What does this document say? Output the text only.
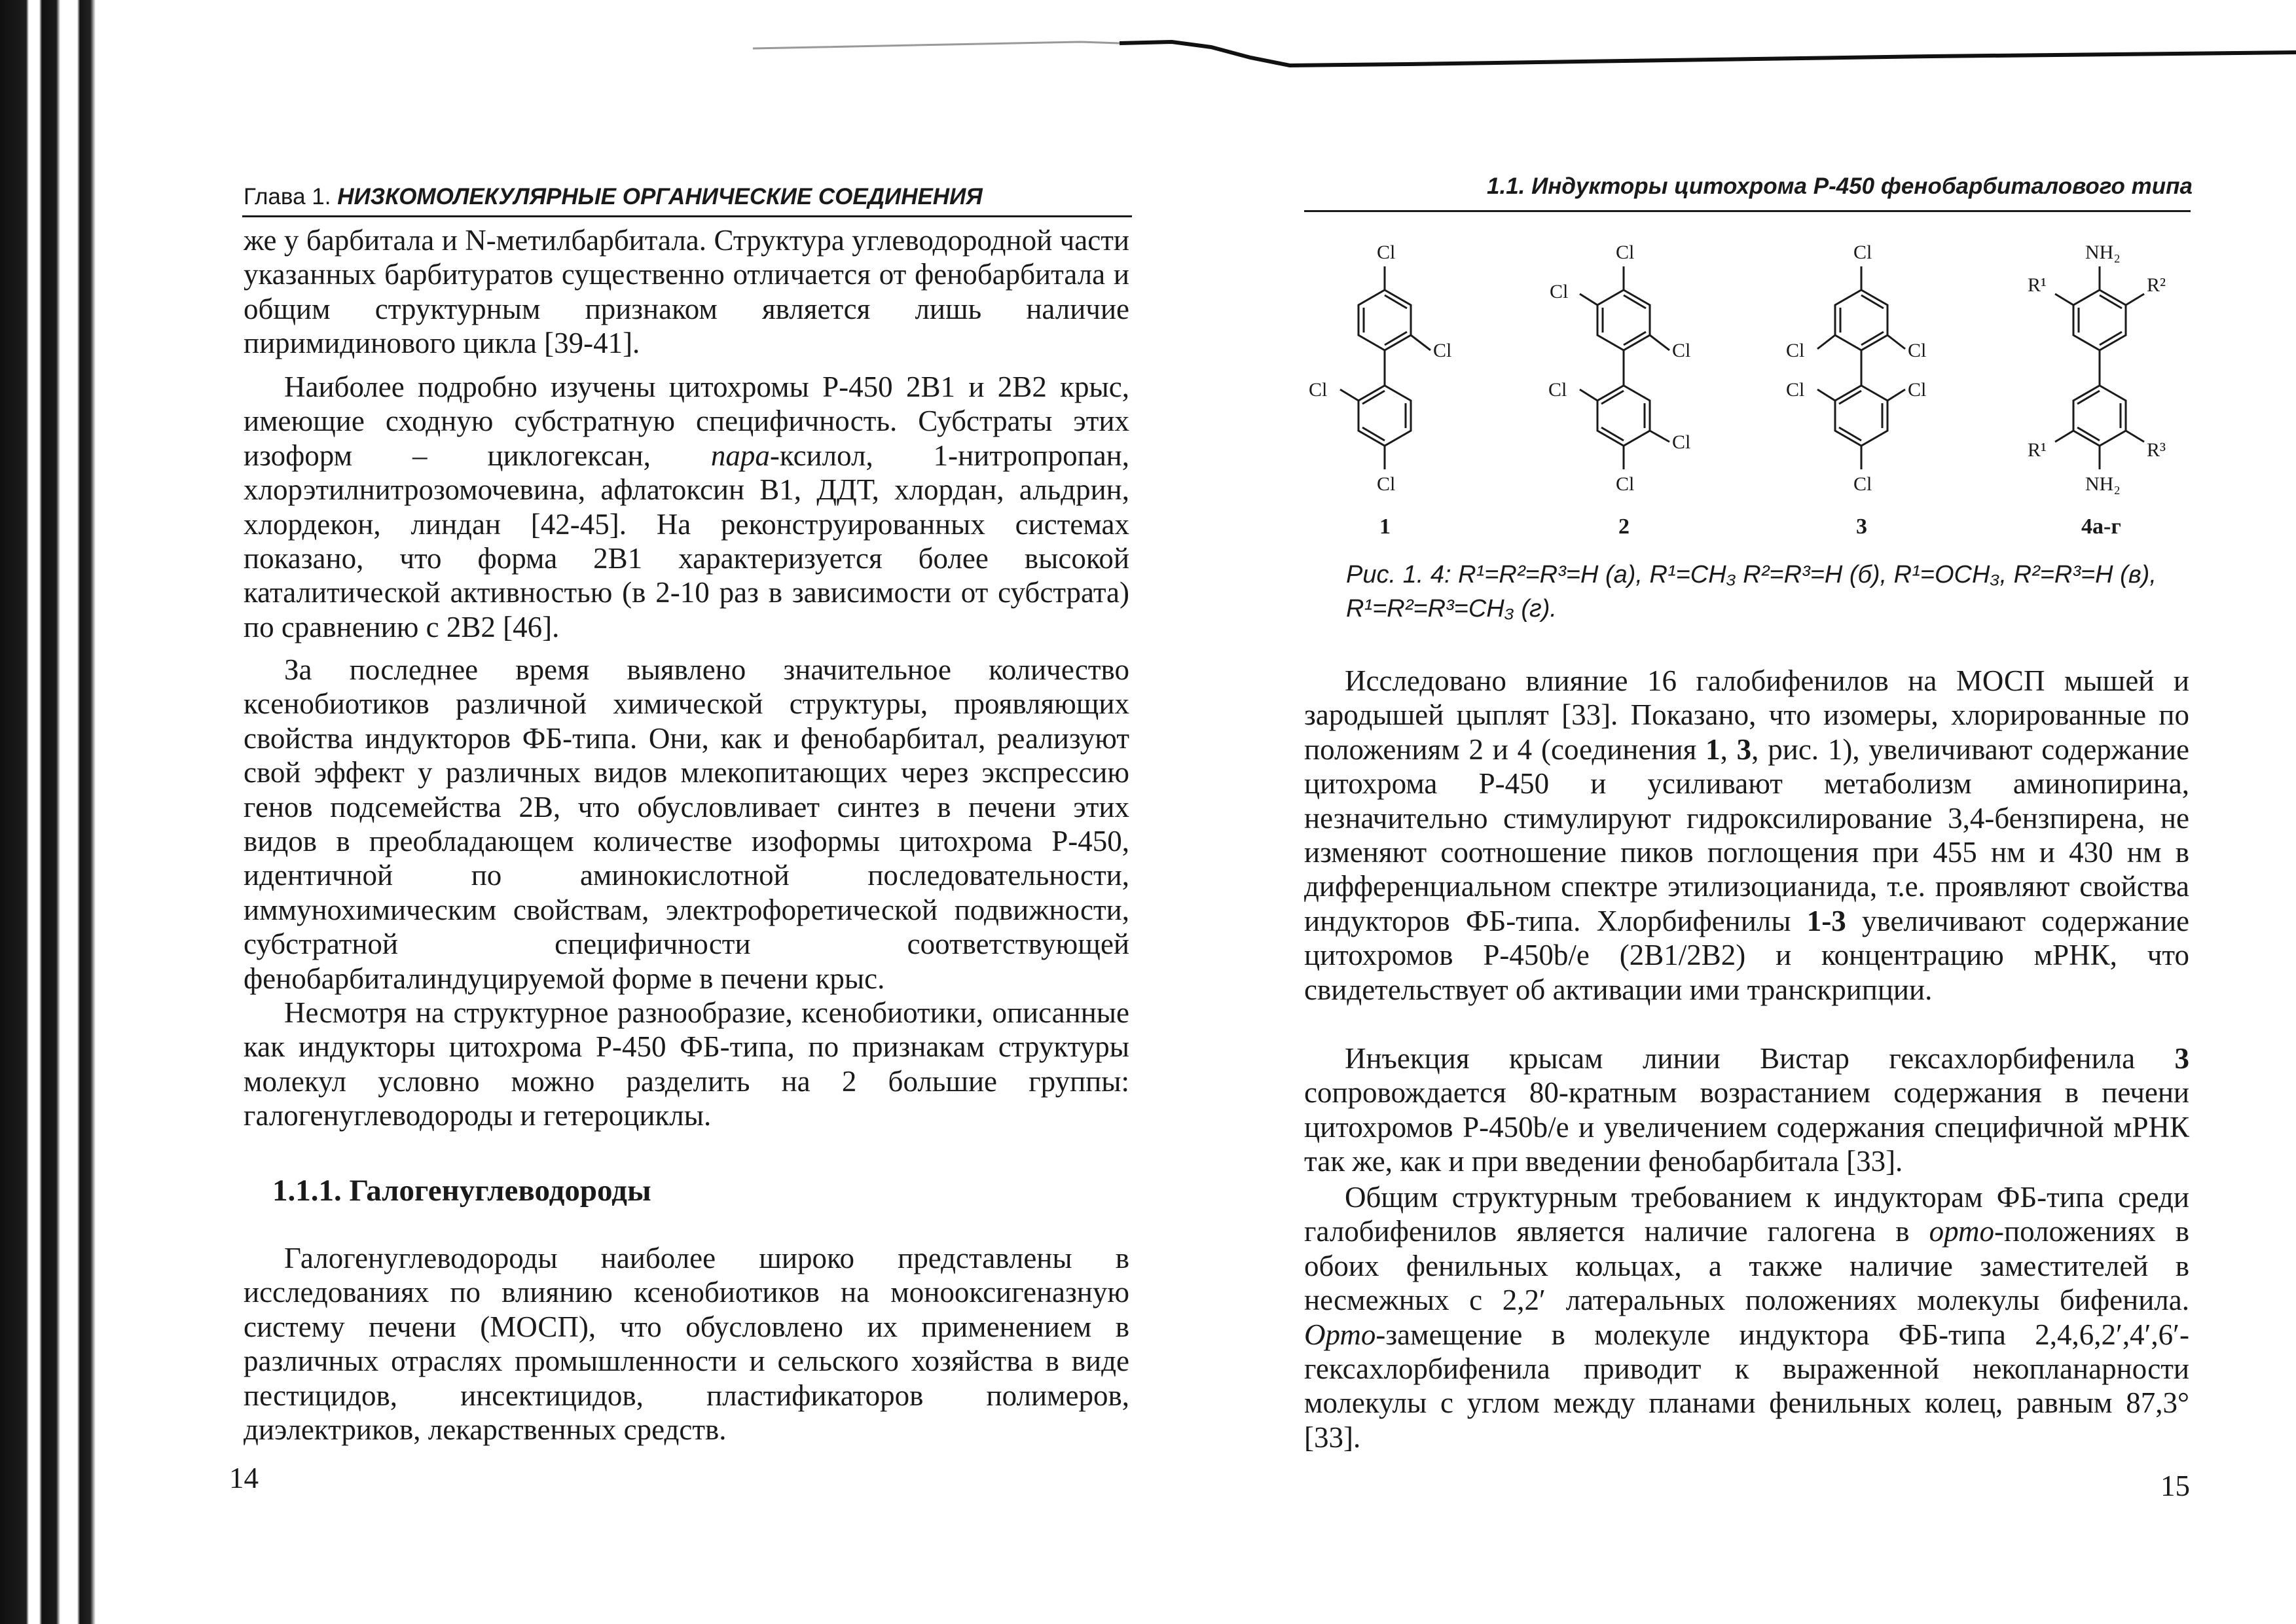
Глава 1. НИЗКОМОЛЕКУЛЯРНЫЕ ОРГАНИЧЕСКИЕ СОЕДИНЕНИЯ

же у барбитала и N-метилбарбитала. Структура углеводородной части указанных барбитуратов существенно отличается от фенобарбитала и общим структурным признаком является лишь наличие пиримидинового цикла [39-41].

Наиболее подробно изучены цитохромы Р-450 2В1 и 2В2 крыс, имеющие сходную субстратную специфичность. Субстраты этих изоформ – циклогексан, пара-ксилол, 1-нитропропан, хлорэтилнитрозомочевина, афлатоксин В1, ДДТ, хлордан, альдрин, хлордекон, линдан [42-45]. На реконструированных системах показано, что форма 2В1 характеризуется более высокой каталитической активностью (в 2-10 раз в зависимости от субстрата) по сравнению с 2В2 [46].

За последнее время выявлено значительное количество ксенобиотиков различной химической структуры, проявляющих свойства индукторов ФБ-типа. Они, как и фенобарбитал, реализуют свой эффект у различных видов млекопитающих через экспрессию генов подсемейства 2В, что обусловливает синтез в печени этих видов в преобладающем количестве изоформы цитохрома Р-450, идентичной по аминокислотной последовательности, иммунохимическим свойствам, электрофоретической подвижности, субстратной специфичности соответствующей фенобарбиталиндуцируемой форме в печени крыс.

Несмотря на структурное разнообразие, ксенобиотики, описанные как индукторы цитохрома Р-450 ФБ-типа, по признакам структуры молекул условно можно разделить на 2 большие группы: галогенуглеводороды и гетероциклы.

1.1.1. Галогенуглеводороды

Галогенуглеводороды наиболее широко представлены в исследованиях по влиянию ксенобиотиков на монооксигеназную систему печени (МОСП), что обусловлено их применением в различных отраслях промышленности и сельского хозяйства в виде пестицидов, инсектицидов, пластификаторов полимеров, диэлектриков, лекарственных средств.

14
1.1. Индукторы цитохрома Р-450 фенобарбиталового типа
Cl
Cl
Cl
Cl
1
Cl
Cl
Cl
Cl
Cl
Cl
2
Cl
Cl	Cl
Cl	Cl
Cl
3
NH₂
R¹	R²
R¹	R³
NH₂
4а-г
Рис. 1. 4: R¹=R²=R³=H (а), R¹=CH₃ R²=R³=H (б), R¹=OCH₃, R²=R³=H (в), R¹=R²=R³=CH₃ (г).

Исследовано влияние 16 галобифенилов на МОСП мышей и зародышей цыплят [33]. Показано, что изомеры, хлорированные по положениям 2 и 4 (соединения 1, 3, рис. 1), увеличивают содержание цитохрома Р-450 и усиливают метаболизм аминопирина, незначительно стимулируют гидроксилирование 3,4-бензпирена, не изменяют соотношение пиков поглощения при 455 нм и 430 нм в дифференциальном спектре этилизоцианида, т.е. проявляют свойства индукторов ФБ-типа. Хлорбифенилы 1-3 увеличивают содержание цитохромов Р-450b/e (2В1/2В2) и концентрацию мРНК, что свидетельствует об активации ими транскрипции.

Инъекция крысам линии Вистар гексахлорбифенила 3 сопровождается 80-кратным возрастанием содержания в печени цитохромов Р-450b/e и увеличением содержания специфичной мРНК так же, как и при введении фенобарбитала [33].

Общим структурным требованием к индукторам ФБ-типа среди галобифенилов является наличие галогена в орто-положениях в обоих фенильных кольцах, а также наличие заместителей в несмежных с 2,2′ латеральных положениях молекулы бифенила. Орто-замещение в молекуле индуктора ФБ-типа 2,4,6,2′,4′,6′-гексахлорбифенила приводит к выраженной некопланарности молекулы с углом между планами фенильных колец, равным 87,3° [33].

15
